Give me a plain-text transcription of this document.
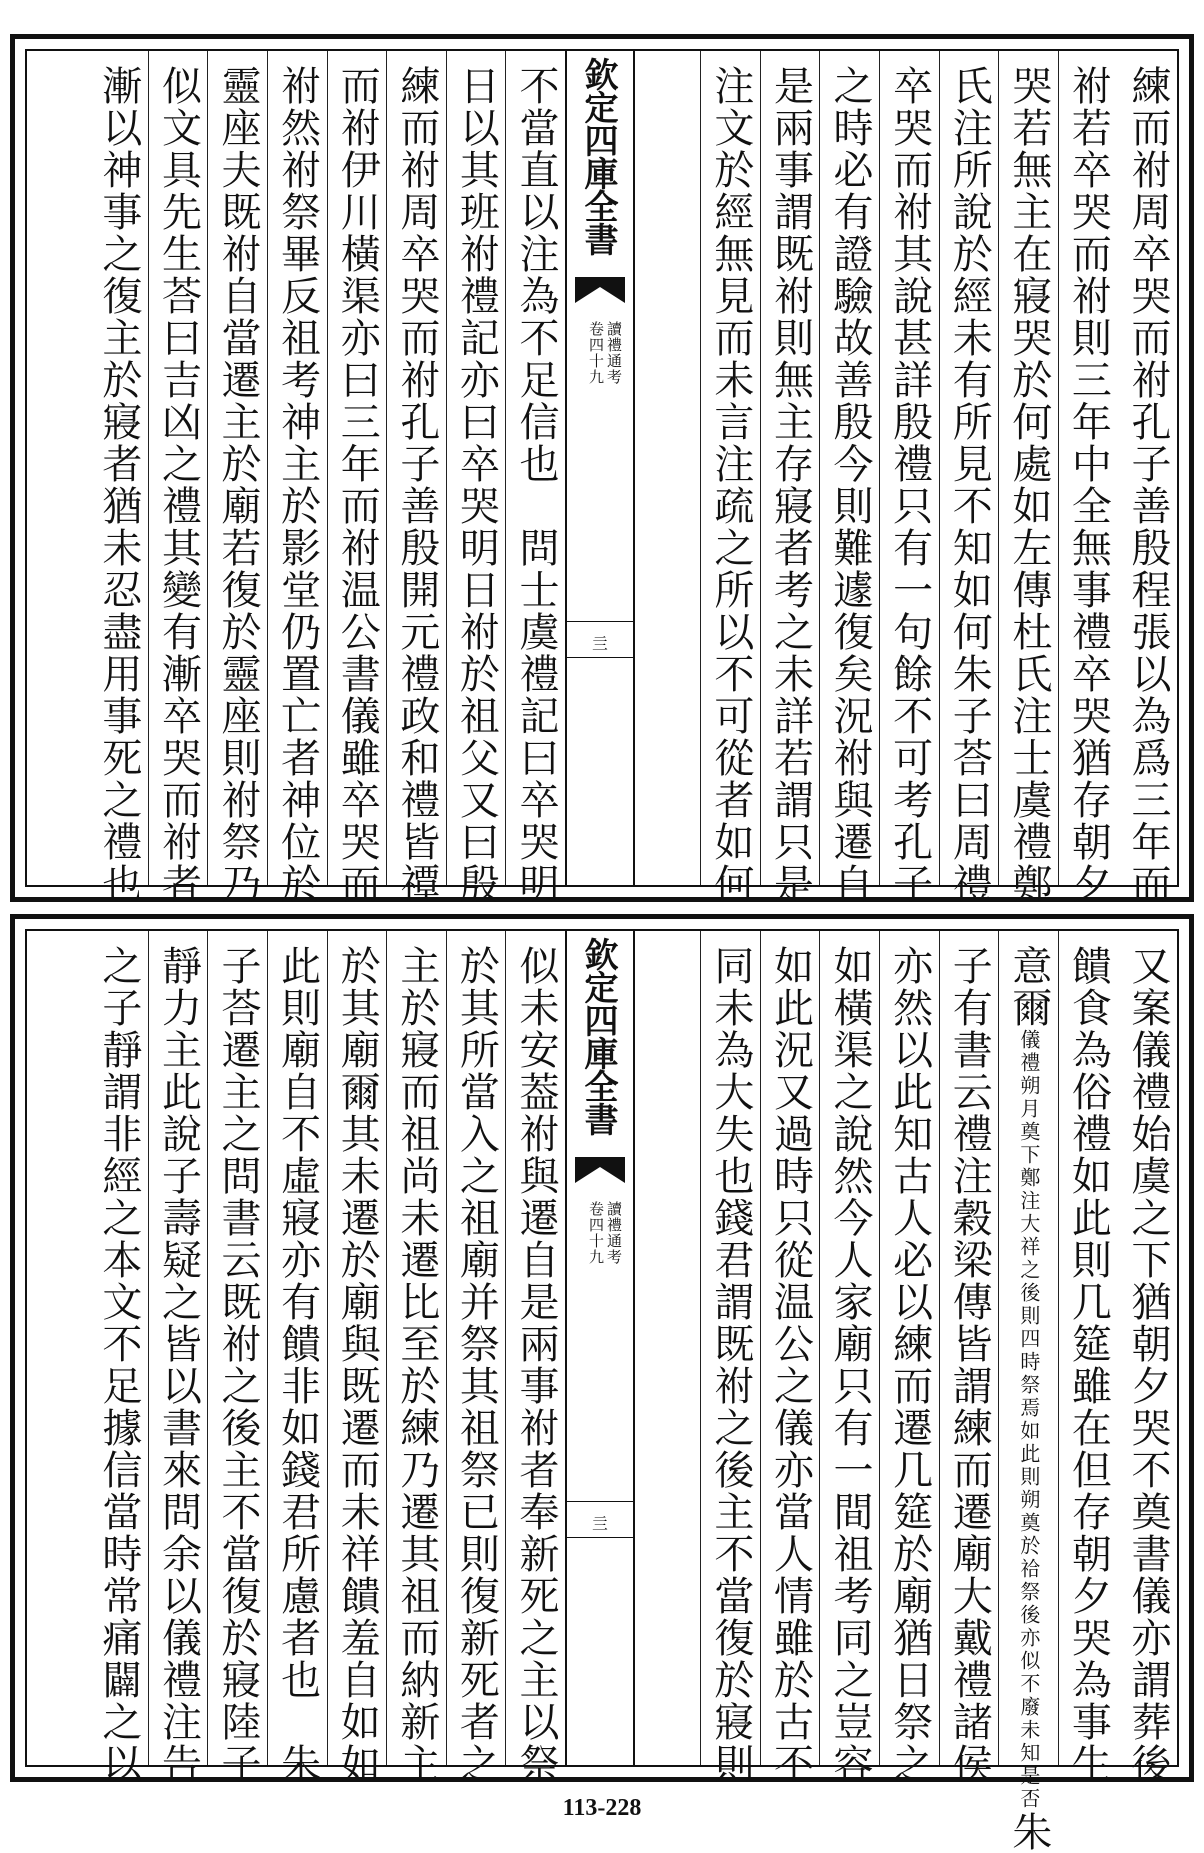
練而祔周卒哭而祔孔子善殷程張以為爲三年而
祔若卒哭而祔則三年中全無事禮卒哭猶存朝夕
哭若無主在寢哭於何處如左傳杜氏注士虞禮鄭
氏注所說於經未有所見不知如何朱子荅曰周禮
卒哭而祔其說甚詳殷禮只有一句餘不可考孔子
之時必有證驗故善殷今則難遽復矣況祔與遷自
是兩事謂既祔則無主存寢者考之未詳若謂只是
注文於經無見而未言注疏之所以不可從者如何
欽定四庫全書
讀禮通考
卷四十九
亖
不當直以注為不足信也　問士虞禮記曰卒哭明
日以其班祔禮記亦曰卒哭明日祔於祖父又曰殷
練而祔周卒哭而祔孔子善殷開元禮政和禮皆禫
而祔伊川橫渠亦曰三年而祔温公書儀雖卒哭而
祔然祔祭畢反祖考神主於影堂仍置亡者神位於
靈座夫既祔自當遷主於廟若復於靈座則祔祭乃
似文具先生荅曰吉凶之禮其變有漸卒哭而祔者
漸以神事之復主於寢者猶未忍盡用事死之禮也
又案儀禮始虞之下猶朝夕哭不奠書儀亦謂葬後
饋食為俗禮如此則几筵雖在但存朝夕哭為事生
意爾儀禮朔月奠下鄭注大祥之後則四時祭焉如此則朔奠於祫祭後亦似不廢未知是否朱
子有書云禮注穀梁傳皆謂練而遷廟大戴禮諸侯
亦然以此知古人必以練而遷几筵於廟猶日祭之
如橫渠之說然今人家廟只有一間祖考同之豈容
如此況又過時只從温公之儀亦當人情雖於古不
同未為大失也錢君謂既祔之後主不當復於寢則
欽定四庫全書
讀禮通考
卷四十九
亖
似未安葢祔與遷自是兩事祔者奉新死之主以祭
於其所當入之祖廟并祭其祖祭已則復新死者之
主於寢而祖尚未遷比至於練乃遷其祖而納新主
於其廟爾其未遷於廟與既遷而未祥饋羞自如如
此則廟自不虛寢亦有饋非如錢君所慮者也　朱
子荅遷主之問書云既祔之後主不當復於寢陸子
靜力主此說子壽疑之皆以書來問余以儀禮注告
之子靜謂非經之本文不足據信當時常痛闢之以
113-228
